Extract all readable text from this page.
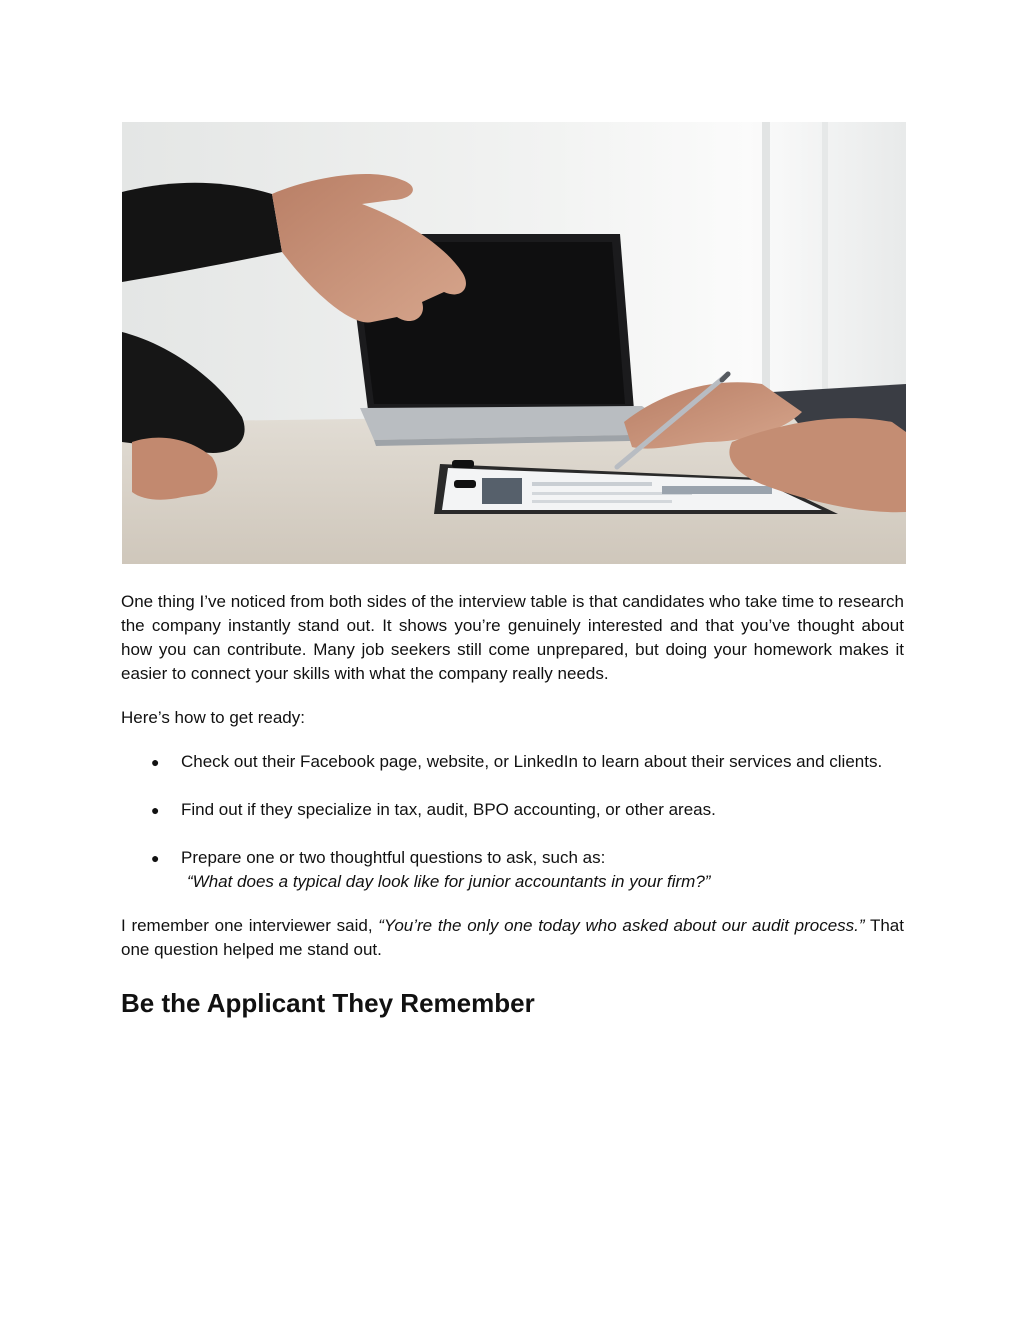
One thing I’ve noticed from both sides of the interview table is that candidates who take time to research the company instantly stand out. It shows you’re genuinely interested and that you’ve thought about how you can contribute. Many job seekers still come unprepared, but doing your homework makes it easier to connect your skills with what the company really needs.

Here’s how to get ready:

● Check out their Facebook page, website, or LinkedIn to learn about their services and clients.
● Find out if they specialize in tax, audit, BPO accounting, or other areas.
● Prepare one or two thoughtful questions to ask, such as:
“What does a typical day look like for junior accountants in your firm?”

I remember one interviewer said, “You’re the only one today who asked about our audit process.” That one question helped me stand out.

Be the Applicant They Remember
